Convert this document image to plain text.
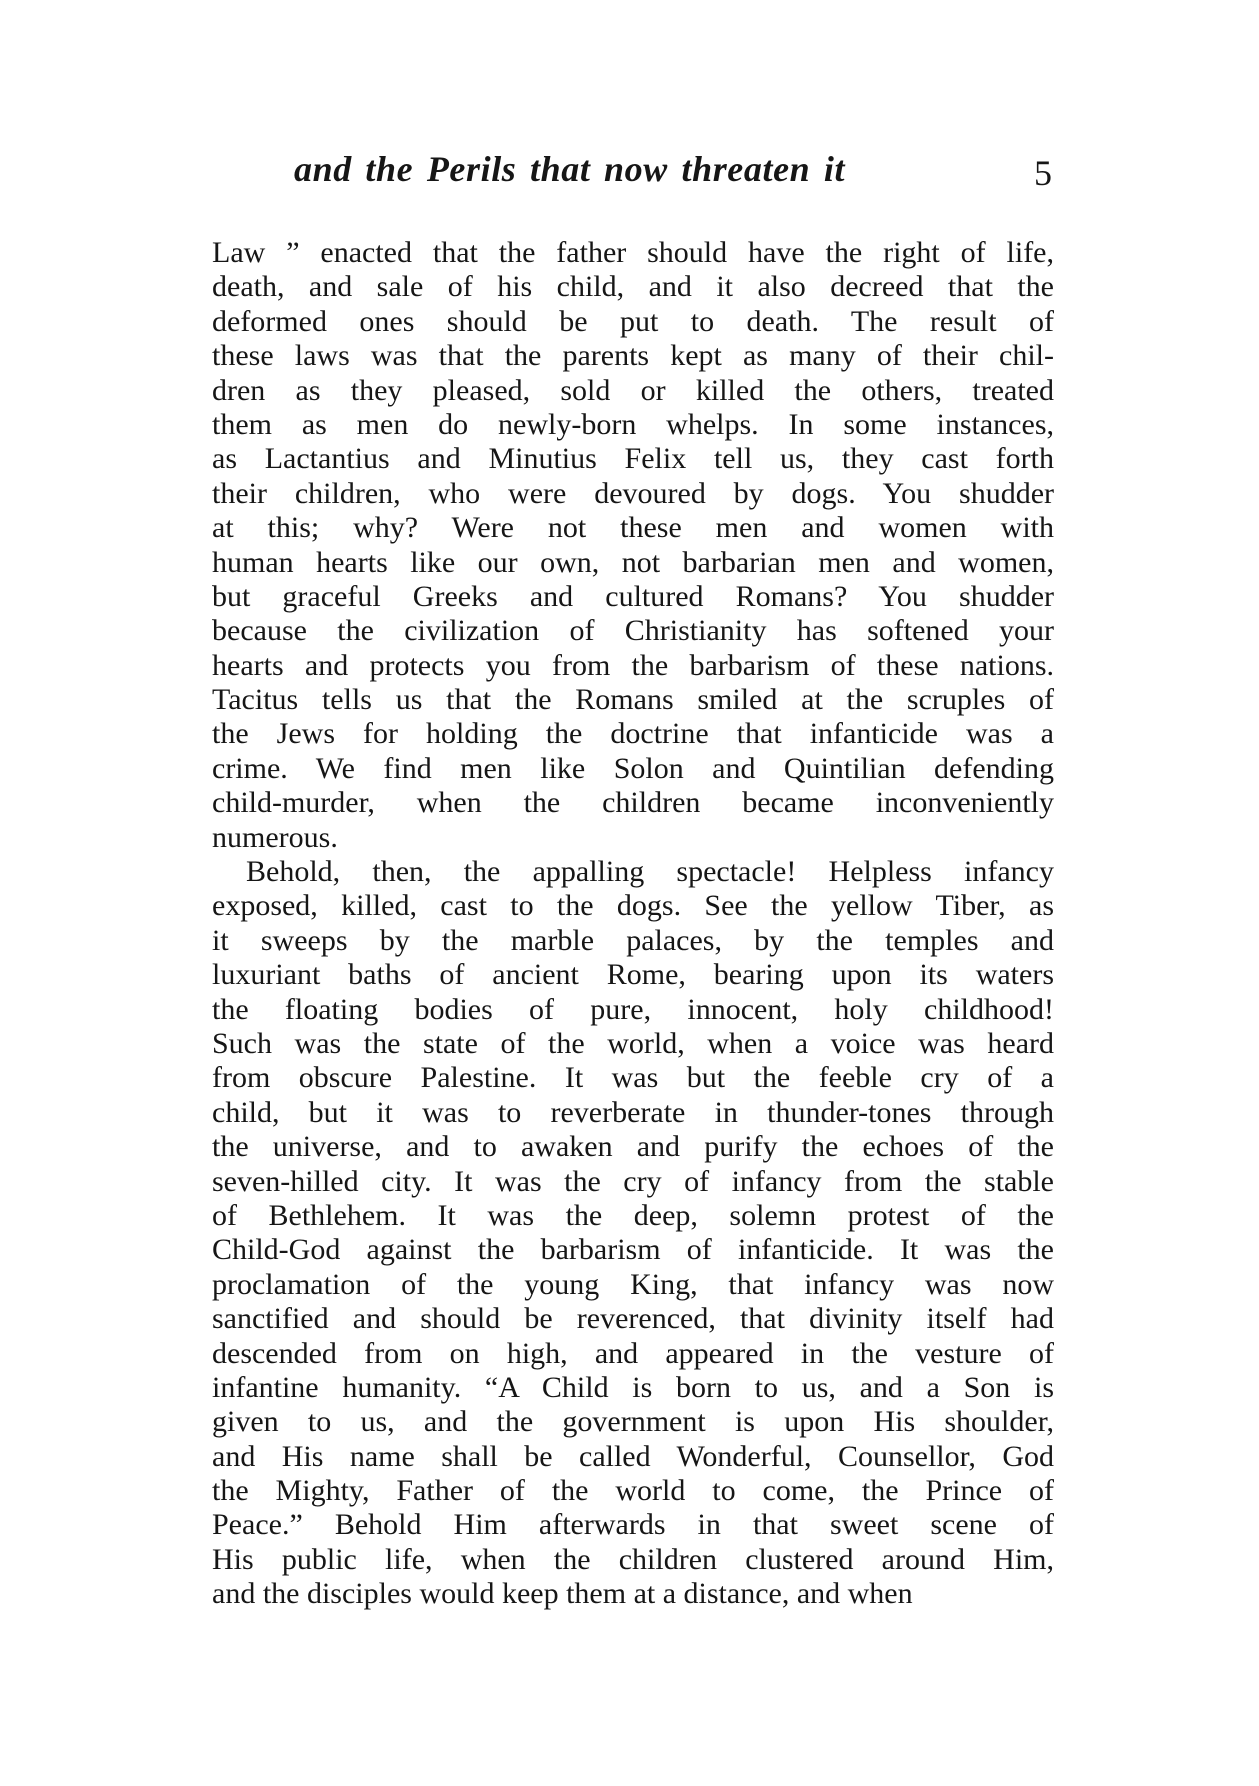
and the Perils that now threaten it	5
Law ” enacted that the father should have the right of life,
death, and sale of his child, and it also decreed that the
deformed ones should be put to death. The result of
these laws was that the parents kept as many of their chil-
dren as they pleased, sold or killed the others, treated
them as men do newly-born whelps. In some instances,
as Lactantius and Minutius Felix tell us, they cast forth
their children, who were devoured by dogs. You shudder
at this; why? Were not these men and women with
human hearts like our own, not barbarian men and women,
but graceful Greeks and cultured Romans? You shudder
because the civilization of Christianity has softened your
hearts and protects you from the barbarism of these nations.
Tacitus tells us that the Romans smiled at the scruples of
the Jews for holding the doctrine that infanticide was a
crime. We find men like Solon and Quintilian defending
child-murder, when the children became inconveniently
numerous.
Behold, then, the appalling spectacle! Helpless infancy
exposed, killed, cast to the dogs. See the yellow Tiber, as
it sweeps by the marble palaces, by the temples and
luxuriant baths of ancient Rome, bearing upon its waters
the floating bodies of pure, innocent, holy childhood!
Such was the state of the world, when a voice was heard
from obscure Palestine. It was but the feeble cry of a
child, but it was to reverberate in thunder-tones through
the universe, and to awaken and purify the echoes of the
seven-hilled city. It was the cry of infancy from the stable
of Bethlehem. It was the deep, solemn protest of the
Child-God against the barbarism of infanticide. It was the
proclamation of the young King, that infancy was now
sanctified and should be reverenced, that divinity itself had
descended from on high, and appeared in the vesture of
infantine humanity. “A Child is born to us, and a Son is
given to us, and the government is upon His shoulder,
and His name shall be called Wonderful, Counsellor, God
the Mighty, Father of the world to come, the Prince of
Peace.” Behold Him afterwards in that sweet scene of
His public life, when the children clustered around Him,
and the disciples would keep them at a distance, and when
